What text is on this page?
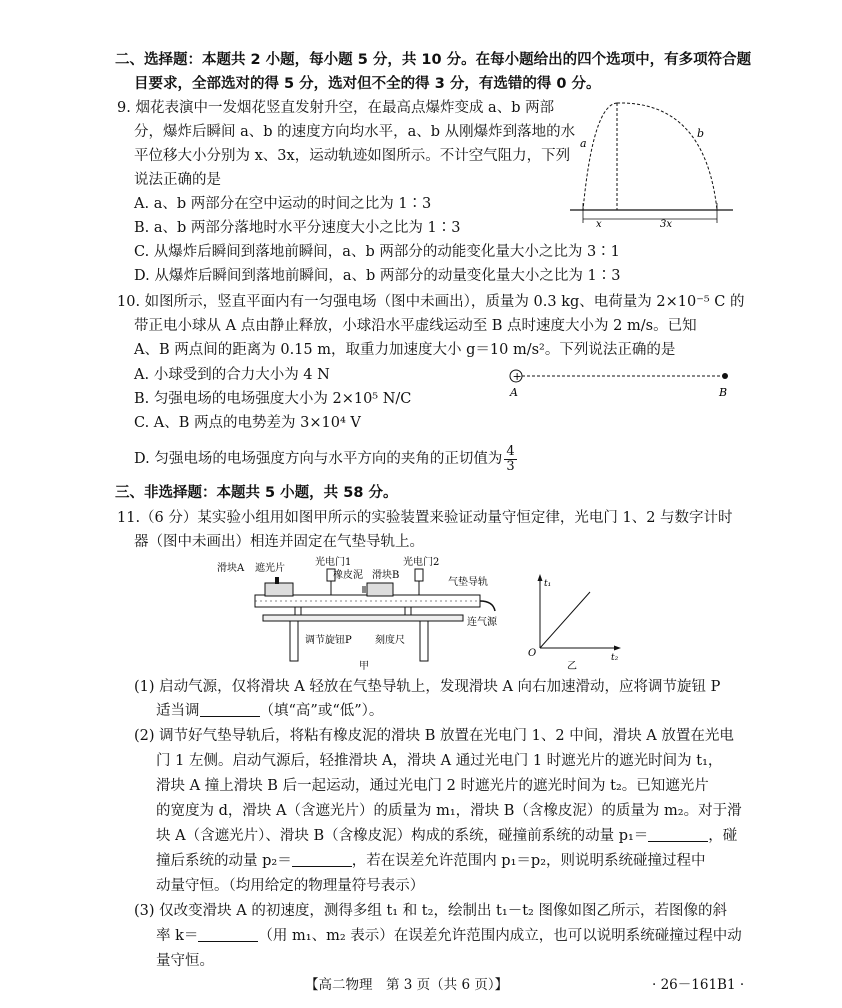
二、选择题：本题共 2 小题，每小题 5 分，共 10 分。在每小题给出的四个选项中，有多项符合题
目要求，全部选对的得 5 分，选对但不全的得 3 分，有选错的得 0 分。
9. 烟花表演中一发烟花竖直发射升空，在最高点爆炸变成 a、b 两部
分，爆炸后瞬间 a、b 的速度方向均水平，a、b 从刚爆炸到落地的水
平位移大小分别为 x、3x，运动轨迹如图所示。不计空气阻力，下列
说法正确的是
A. a、b 两部分在空中运动的时间之比为 1∶3
B. a、b 两部分落地时水平分速度大小之比为 1∶3
C. 从爆炸后瞬间到落地前瞬间，a、b 两部分的动能变化量大小之比为 3∶1
D. 从爆炸后瞬间到落地前瞬间，a、b 两部分的动量变化量大小之比为 1∶3
a
b
x	3x
10. 如图所示，竖直平面内有一匀强电场（图中未画出），质量为 0.3 kg、电荷量为 2×10⁻⁵ C 的
带正电小球从 A 点由静止释放，小球沿水平虚线运动至 B 点时速度大小为 2 m/s。已知
A、B 两点间的距离为 0.15 m，取重力加速度大小 g＝10 m/s²。下列说法正确的是
A. 小球受到的合力大小为 4 N
B. 匀强电场的电场强度大小为 2×10⁵ N/C
C. A、B 两点的电势差为 3×10⁴ V
D. 匀强电场的电场强度方向与水平方向的夹角的正切值为 $\frac{4}{3}$
+
A	B
三、非选择题：本题共 5 小题，共 58 分。
11.（6 分）某实验小组用如图甲所示的实验装置来验证动量守恒定律，光电门 1、2 与数字计时
器（图中未画出）相连并固定在气垫导轨上。
滑块A 遮光片
光电门1
橡皮泥 滑块B
光电门2
气垫导轨
连气源
调节旋钮P 刻度尺
甲
t₁
t₂
O
乙
(1) 启动气源，仅将滑块 A 轻放在气垫导轨上，发现滑块 A 向右加速滑动，应将调节旋钮 P
适当调	（填“高”或“低”）。
(2) 调节好气垫导轨后，将粘有橡皮泥的滑块 B 放置在光电门 1、2 中间，滑块 A 放置在光电
门 1 左侧。启动气源后，轻推滑块 A，滑块 A 通过光电门 1 时遮光片的遮光时间为 t₁，
滑块 A 撞上滑块 B 后一起运动，通过光电门 2 时遮光片的遮光时间为 t₂。已知遮光片
的宽度为 d，滑块 A（含遮光片）的质量为 m₁，滑块 B（含橡皮泥）的质量为 m₂。对于滑
块 A（含遮光片）、滑块 B（含橡皮泥）构成的系统，碰撞前系统的动量 p₁＝	，碰
撞后系统的动量 p₂＝	，若在误差允许范围内 p₁＝p₂，则说明系统碰撞过程中
动量守恒。（均用给定的物理量符号表示）
(3) 仅改变滑块 A 的初速度，测得多组 t₁ 和 t₂，绘制出 t₁－t₂ 图像如图乙所示，若图像的斜
率 k＝	（用 m₁、m₂ 表示）在误差允许范围内成立，也可以说明系统碰撞过程中动
量守恒。
【高二物理　第 3 页（共 6 页）】	· 26－161B1 ·
